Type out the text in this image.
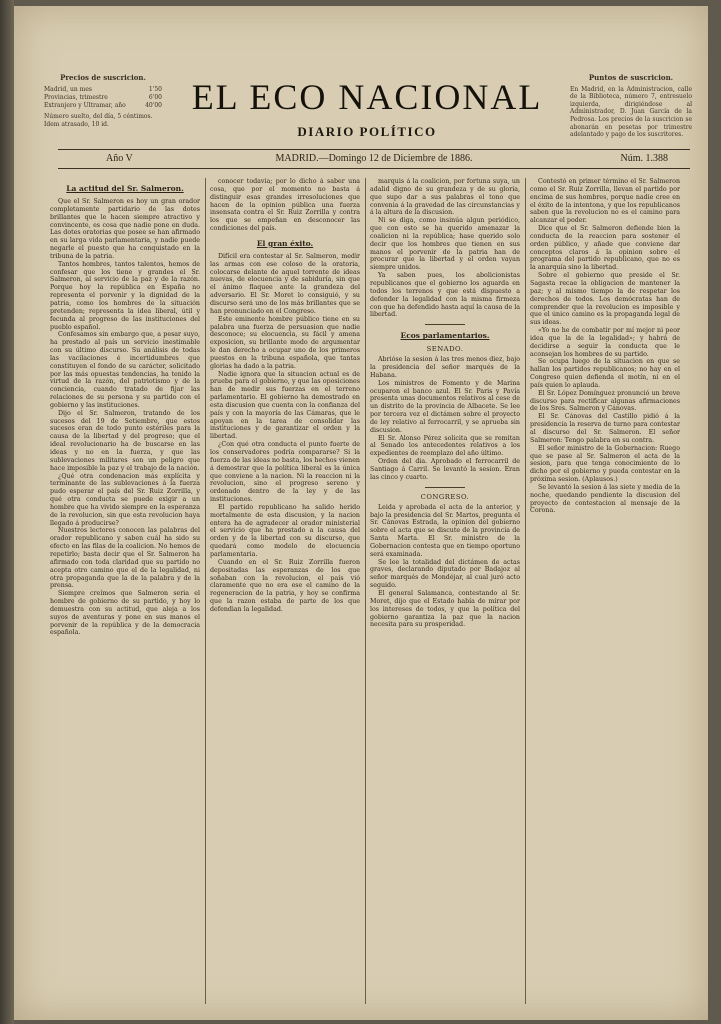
Precios de suscricion.
Madrid, un mes	1'50
Provincias, trimestre	6'00
Extranjero y Ultramar, año	40'00
Número suelto, del día, 5 céntimos. Idem atrasado, 10 id.
EL ECO NACIONAL
DIARIO POLÍTICO
Puntos de suscricion.
En Madrid, en la Administracion, calle de la Biblioteca, número 7, entresuelo izquierda, dirigiéndose al Administrador, D. Juan García de la Pedrosa. Los precios de la suscricion se abonarán en pesetas por trimestre adelantado y pago de los suscritores.
MADRID.—Domingo 12 de Diciembre de 1886.
Año V	Núm. 1.388
La actitud del Sr. Salmeron.

Que el Sr. Salmeron es hoy un gran orador completamente partidario de las dotes brillantes que le hacen siempre atractivo y convincente, es cosa que nadie pone en duda. Las dotes oratorias que posee se han afirmado en su larga vida parlamentaria, y nadie puede negarle el puesto que ha conquistado en la tribuna de la patria.

Tantos hombres, tantos talentos, hemos de confesar que los tiene y grandes el Sr. Salmeron, al servicio de la paz y de la razón. Porque hoy la república en España no representa el porvenir y la dignidad de la patria, como los hombres de la situación pretenden; representa la idea liberal, útil y fecunda al progreso de las instituciones del pueblo español.

Confesamos sin embargo que, a pesar suyo, ha prestado al país un servicio inestimable con su último discurso. Su análisis de todas las vacilaciones é incertidumbres que constituyen el fondo de su carácter, solicitado por las más opuestas tendencias, ha tenido la virtud de la razón, del patriotismo y de la conciencia, cuando tratado de fijar las relaciones de su persona y su partido con el gobierno y las instituciones.

Dijo el Sr. Salmeron, tratando de los sucesos del 19 de Setiembre, que estos sucesos eran de todo punto estériles para la causa de la libertad y del progreso; que el ideal revolucionario ha de buscarse en las ideas y no en la fuerza, y que las sublevaciones militares son un peligro que hace imposible la paz y el trabajo de la nación.

¿Qué otra condenacion más explícita y terminante de las sublevaciones á la fuerza pudo esperar el país del Sr. Ruiz Zorrilla, y qué otra conducta se puede exigir a un hombre que ha vivido siempre en la esperanza de la revolucion, sin que esta revolucion haya llegado á producirse?

Nuestros lectores conocen las palabras del orador republicano y saben cuál ha sido su efecto en las filas de la coalicion. No hemos de repetirlo; basta decir que el Sr. Salmeron ha afirmado con toda claridad que su partido no acepta otro camino que el de la legalidad, ni otra propaganda que la de la palabra y de la prensa.

Siempre creímos que Salmeron seria el hombre de gobierno de su partido, y hoy lo demuestra con su actitud, que aleja a los suyos de aventuras y pone en sus manos el porvenir de la república y de la democracia española.

conocer todavía; por lo dicho á saber una cosa, que por el momento no basta á distinguir esas grandes irresoluciones que hacen de la opinion pública una fuerza insensata contra el Sr. Ruiz Zorrilla y contra los que se empeñan en desconocer las condiciones del país.

El gran éxito.

Difícil era contestar al Sr. Salmeron, medir las armas con ese coloso de la oratoria, colocarse delante de aquel torrente de ideas nuevas, de elocuencia y de sabiduría, sin que el ánimo flaquee ante la grandeza del adversario. El Sr. Moret lo consiguió, y su discurso será uno de los más brillantes que se han pronunciado en el Congreso.

Este eminente hombre público tiene en su palabra una fuerza de persuasion que nadie desconoce; su elocuencia, su fácil y amena exposicion, su brillante modo de argumentar le dan derecho a ocupar uno de los primeros puestos en la tribuna española, que tantas glorias ha dado a la patria.

Nadie ignora que la situacion actual es de prueba para el gobierno, y que las oposiciones han de medir sus fuerzas en el terreno parlamentario. El gobierno ha demostrado en esta discusion que cuenta con la confianza del país y con la mayoría de las Cámaras, que le apoyan en la tarea de consolidar las instituciones y de garantizar el orden y la libertad.

¿Con qué otra conducta el punto fuerte de los conservadores podria compararse? Si la fuerza de las ideas no basta, los hechos vienen á demostrar que la política liberal es la única que conviene a la nacion. Ni la reaccion ni la revolucion, sino el progreso sereno y ordenado dentro de la ley y de las instituciones.

El partido republicano ha salido herido mortalmente de esta discusion, y la nacion entera ha de agradecer al orador ministerial el servicio que ha prestado a la causa del orden y de la libertad con su discurso, que quedará como modelo de elocuencia parlamentaria.

Cuando en el Sr. Ruiz Zorrilla fueron depositadas las esperanzas de los que soñaban con la revolucion, el país vió claramente que no era ese el camino de la regeneracion de la patria, y hoy se confirma que la razon estaba de parte de los que defendian la legalidad.

marquis á la coalicion, por fortuna suya, un adalid digno de su grandeza y de su gloria, que supo dar a sus palabras el tono que convenia á la gravedad de las circunstancias y á la altura de la discusion.

Ni se diga, como insinúa algun periódico, que con esto se ha querido amenazar la coalicion ni la república; hase querido solo decir que los hombres que tienen en sus manos el porvenir de la patria han de procurar que la libertad y el orden vayan siempre unidos.

Ya saben pues, los abolicionistas republicanos que el gobierno los aguarda en todos los terrenos y que está dispuesto a defender la legalidad con la misma firmeza con que ha defendido hasta aquí la causa de la libertad.

Ecos parlamentarios.
SENADO.

Abrióse la sesion á las tres menos diez, bajo la presidencia del señor marqués de la Habana.

Los ministros de Fomento y de Marina ocuparon el banco azul. El Sr. Paris y Pavía presenta unas documentos relativos al cese de un distrito de la provincia de Albacete. Se lee por tercera vez el dictámen sobre el proyecto de ley relativo al ferrocarril, y se aprueba sin discusion.

El Sr. Alonso Pérez solicita que se remitan al Senado los antecedentes relativos a los expedientes de reemplazo del año último.

Orden del dia. Aprobado el ferrocarril de Santiago á Carril. Se levantó la sesion. Eran las cinco y cuarto.

CONGRESO.

Leida y aprobada el acta de la anterior, y bajo la presidencia del Sr. Martos, pregunta el Sr. Cánovas Estrada, la opinion del gobierno sobre el acta que se discute de la provincia de Santa Marta. El Sr. ministro de la Gobernacion contesta que en tiempo oportuno será examinada.

Se lee la totalidad del dictámen de actas graves, declarando diputado por Badajoz al señor marqués de Mondéjar, al cual juró acto seguido.

El general Salamanca, contestando al Sr. Moret, dijo que el Estado había de mirar por los intereses de todos, y que la política del gobierno garantiza la paz que la nacion necesita para su prosperidad.

Contestó en primer término el Sr. Salmeron como el Sr. Ruiz Zorrilla, llevan el partido por encima de sus hombres, porque nadie cree en el éxito de la intentona, y que los republicanos saben que la revolucion no es el camino para alcanzar el poder.

Dice que el Sr. Salmeron defiende bien la conducta de la reaccion para sostener el orden público, y añade que conviene dar conceptos claros á la opinion sobre el programa del partido republicano, que no es la anarquía sino la libertad.

Sobre el gobierno que preside el Sr. Sagasta recae la obligacion de mantener la paz; y al mismo tiempo la de respetar los derechos de todos. Los demócratas han de comprender que la revolucion es imposible y que el único camino es la propaganda legal de sus ideas.

«Yo no he de combatir por mí mejor ni peor idea que la de la legalidad»; y habrá de decidirse a seguir la conducta que le aconsejan los hombres de su partido.

Se ocupa luego de la situacion en que se hallan los partidos republicanos; no hay en el Congreso quien defienda el motín, ni en el país quien lo aplauda.

El Sr. López Domínguez pronunció un breve discurso para rectificar algunas afirmaciones de los Sres. Salmeron y Cánovas.

El Sr. Cánovas del Castillo pidió á la presidencia la reserva de turno para contestar al discurso del Sr. Salmeron. El señor Salmeron: Tengo palabra en su contra.

El señor ministro de la Gobernacion: Ruego que se pase al Sr. Salmeron el acta de la sesion, para que tenga conocimiento de lo dicho por el gobierno y pueda contestar en la próxima sesion. (Aplausos.)

Se levantó la sesion á las siete y media de la noche, quedando pendiente la discusion del proyecto de contestacion al mensaje de la Corona.
